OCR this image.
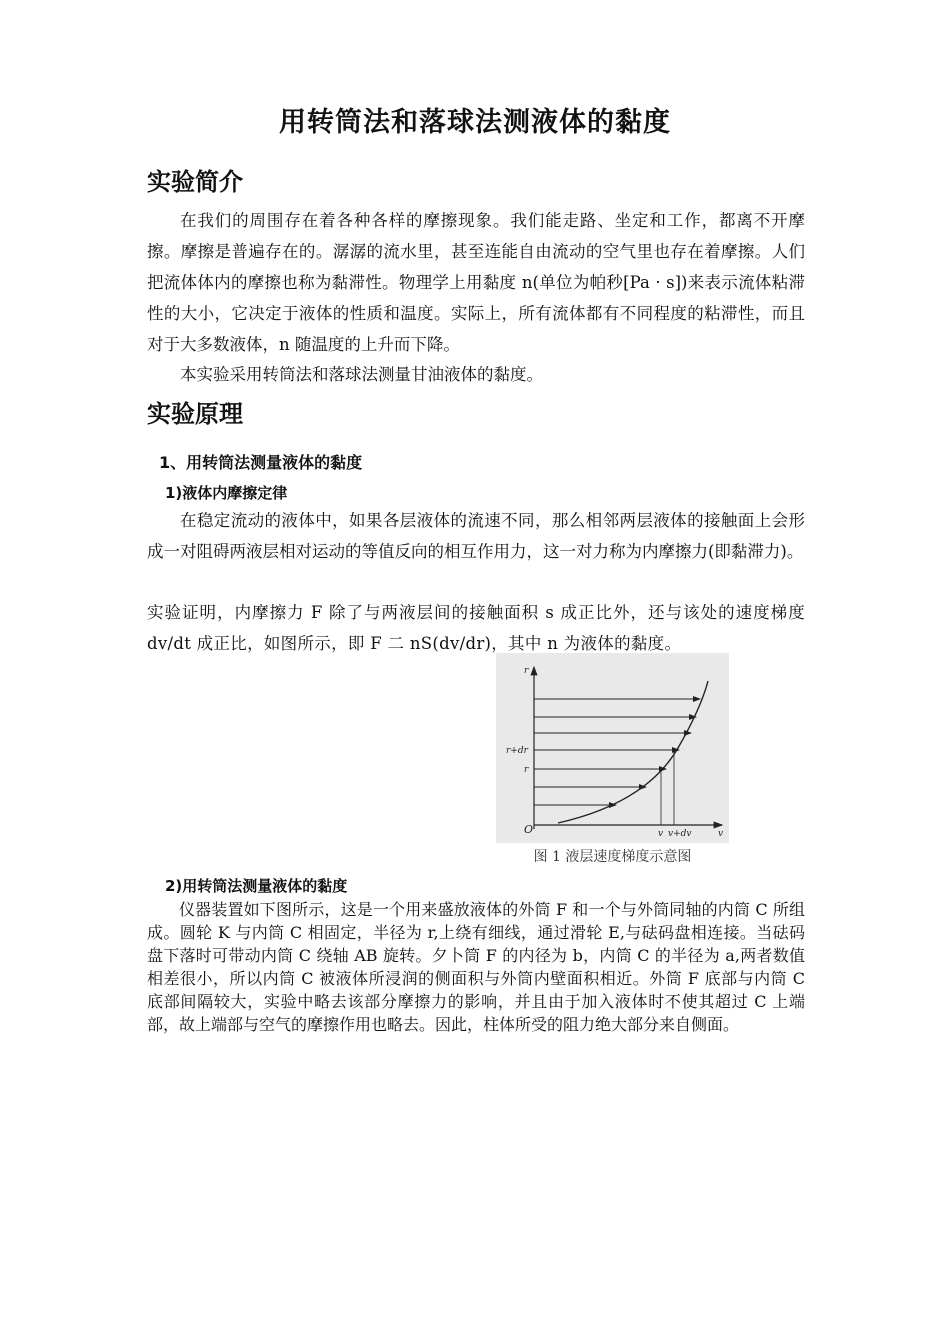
用转筒法和落球法测液体的黏度
实验简介

在我们的周围存在着各种各样的摩擦现象。我们能走路、坐定和工作，都离不开摩擦。摩擦是普遍存在的。潺潺的流水里，甚至连能自由流动的空气里也存在着摩擦。人们把流体体内的摩擦也称为黏滞性。物理学上用黏度 n(单位为帕秒[Pa · s])来表示流体粘滞性的大小，它决定于液体的性质和温度。实际上，所有流体都有不同程度的粘滞性，而且对于大多数液体，n 随温度的上升而下降。

本实验采用转筒法和落球法测量甘油液体的黏度。

实验原理
1、用转筒法测量液体的黏度
1)液体内摩擦定律

在稳定流动的液体中，如果各层液体的流速不同，那么相邻两层液体的接触面上会形成一对阻碍两液层相对运动的等值反向的相互作用力，这一对力称为内摩擦力(即黏滞力)。

实验证明，内摩擦力 F 除了与两液层间的接触面积 s 成正比外，还与该处的速度梯度 dv/dt 成正比，如图所示，即 F 二 nS(dv/dr)，其中 n 为液体的黏度。

r
r+dr
r
O	v
v v+dv

图 1 液层速度梯度示意图

2)用转筒法测量液体的黏度

仪器装置如下图所示，这是一个用来盛放液体的外筒 F 和一个与外筒同轴的内筒 C 所组成。圆轮 K 与内筒 C 相固定，半径为 r,上绕有细线，通过滑轮 E,与砝码盘相连接。当砝码盘下落时可带动内筒 C 绕轴 AB 旋转。夕卜筒 F 的内径为 b，内筒 C 的半径为 a,两者数值相差很小，所以内筒 C 被液体所浸润的侧面积与外筒内壁面积相近。外筒 F 底部与内筒 C 底部间隔较大，实验中略去该部分摩擦力的影响，并且由于加入液体时不使其超过 C 上端部，故上端部与空气的摩擦作用也略去。因此，柱体所受的阻力绝大部分来自侧面。
